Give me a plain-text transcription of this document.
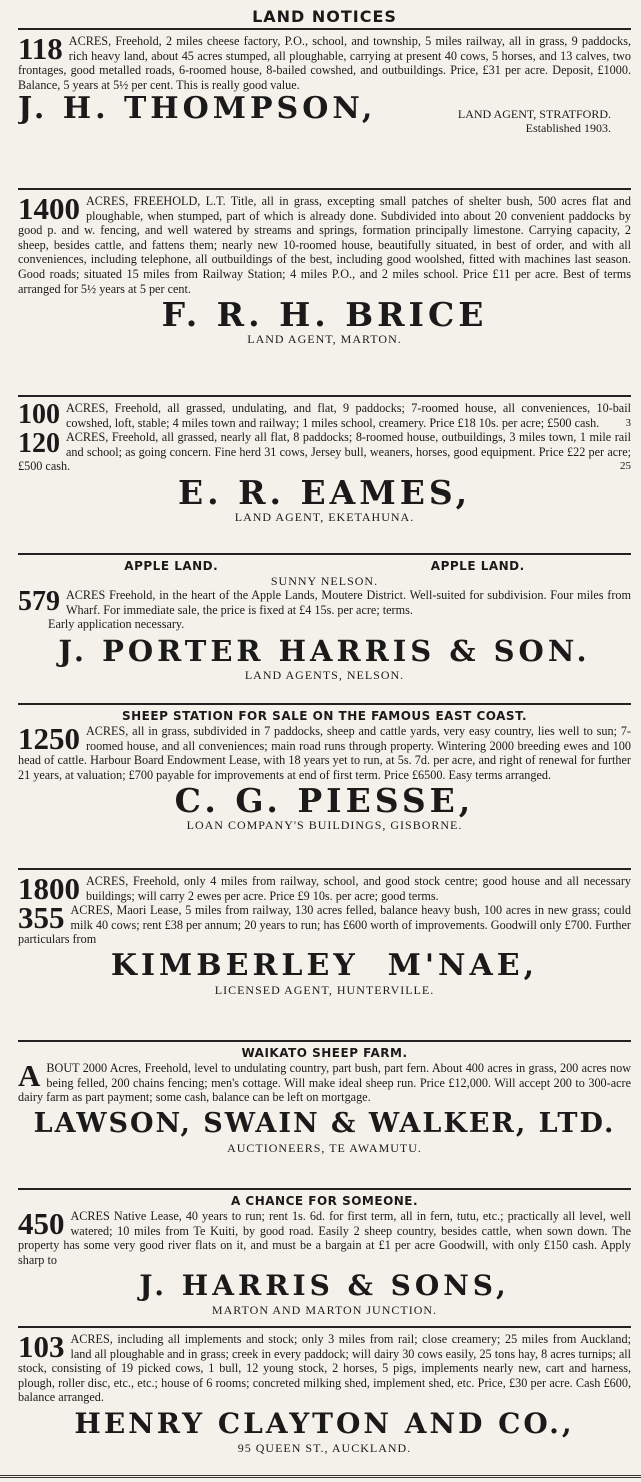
LAND NOTICES

118 ACRES, Freehold, 2 miles cheese factory, P.O., school, and township, 5 miles railway, all in grass, 9 paddocks, rich heavy land, about 45 acres stumped, all ploughable, carrying at present 40 cows, 5 horses, and 13 calves, two frontages, good metalled roads, 6-roomed house, 8-bailed cowshed, and outbuildings. Price, £31 per acre. Deposit, £1000. Balance, 5 years at 5½ per cent. This is really good value.

J. H. THOMPSON,	LAND AGENT, STRATFORD.
Established 1903.

1400 ACRES, FREEHOLD, L.T. Title, all in grass, excepting small patches of shelter bush, 500 acres flat and ploughable, when stumped, part of which is already done. Subdivided into about 20 convenient paddocks by good p. and w. fencing, and well watered by streams and springs, formation principally limestone. Carrying capacity, 2 sheep, besides cattle, and fattens them; nearly new 10-roomed house, beautifully situated, in best of order, and with all conveniences, including telephone, all outbuildings of the best, including good woolshed, fitted with machines last season. Good roads; situated 15 miles from Railway Station; 4 miles P.O., and 2 miles school. Price £11 per acre. Best of terms arranged for 5½ years at 5 per cent.

F. R. H. BRICE
LAND AGENT, MARTON.

100 ACRES, Freehold, all grassed, undulating, and flat, 9 paddocks; 7-roomed house, all conveniences, 10-bail cowshed, loft, stable; 4 miles town and railway; 1 miles school, creamery. Price £18 10s. per acre; £500 cash. 3

120 ACRES, Freehold, all grassed, nearly all flat, 8 paddocks; 8-roomed house, outbuildings, 3 miles town, 1 mile rail and school; as going concern. Fine herd 31 cows, Jersey bull, weaners, horses, good equipment. Price £22 per acre; £500 cash.	25

E. R. EAMES,
LAND AGENT, EKETAHUNA.
APPLE LAND.	APPLE LAND.
SUNNY NELSON.

579 ACRES Freehold, in the heart of the Apple Lands, Moutere District. Well-suited for subdivision. Four miles from Wharf. For immediate sale, the price is fixed at £4 15s. per acre; terms.

Early application necessary.

J. PORTER HARRIS & SON.
LAND AGENTS, NELSON.
SHEEP STATION FOR SALE ON THE FAMOUS EAST COAST.

1250 ACRES, all in grass, subdivided in 7 paddocks, sheep and cattle yards, very easy country, lies well to sun; 7-roomed house, and all conveniences; main road runs through property. Wintering 2000 breeding ewes and 100 head of cattle. Harbour Board Endowment Lease, with 18 years yet to run, at 5s. 7d. per acre, and right of renewal for further 21 years, at valuation; £700 payable for improvements at end of first term. Price £6500. Easy terms arranged.

C. G. PIESSE,
LOAN COMPANY'S BUILDINGS, GISBORNE.

1800 ACRES, Freehold, only 4 miles from railway, school, and good stock centre; good house and all necessary buildings; will carry 2 ewes per acre. Price £9 10s. per acre; good terms.

355 ACRES, Maori Lease, 5 miles from railway, 130 acres felled, balance heavy bush, 100 acres in new grass; could milk 40 cows; rent £38 per annum; 20 years to run; has £600 worth of improvements. Goodwill only £700. Further particulars from

KIMBERLEY  M'NAE,
LICENSED AGENT, HUNTERVILLE.
WAIKATO SHEEP FARM.

A BOUT 2000 Acres, Freehold, level to undulating country, part bush, part fern. About 400 acres in grass, 200 acres now being felled, 200 chains fencing; men's cottage. Will make ideal sheep run. Price £12,000. Will accept 200 to 300-acre dairy farm as part payment; some cash, balance can be left on mortgage.

LAWSON, SWAIN & WALKER, LTD.
AUCTIONEERS, TE AWAMUTU.
A CHANCE FOR SOMEONE.

450 ACRES Native Lease, 40 years to run; rent 1s. 6d. for first term, all in fern, tutu, etc.; practically all level, well watered; 10 miles from Te Kuiti, by good road. Easily 2 sheep country, besides cattle, when sown down. The property has some very good river flats on it, and must be a bargain at £1 per acre Goodwill, with only £150 cash. Apply sharp to

J. HARRIS & SONS,
MARTON AND MARTON JUNCTION.

103 ACRES, including all implements and stock; only 3 miles from rail; close creamery; 25 miles from Auckland; land all ploughable and in grass; creek in every paddock; will dairy 30 cows easily, 25 tons hay, 8 acres turnips; all stock, consisting of 19 picked cows, 1 bull, 12 young stock, 2 horses, 5 pigs, implements nearly new, cart and harness, plough, roller disc, etc., etc.; house of 6 rooms; concreted milking shed, implement shed, etc. Price, £30 per acre. Cash £600, balance arranged.

HENRY CLAYTON AND CO.,
95 QUEEN ST., AUCKLAND.
